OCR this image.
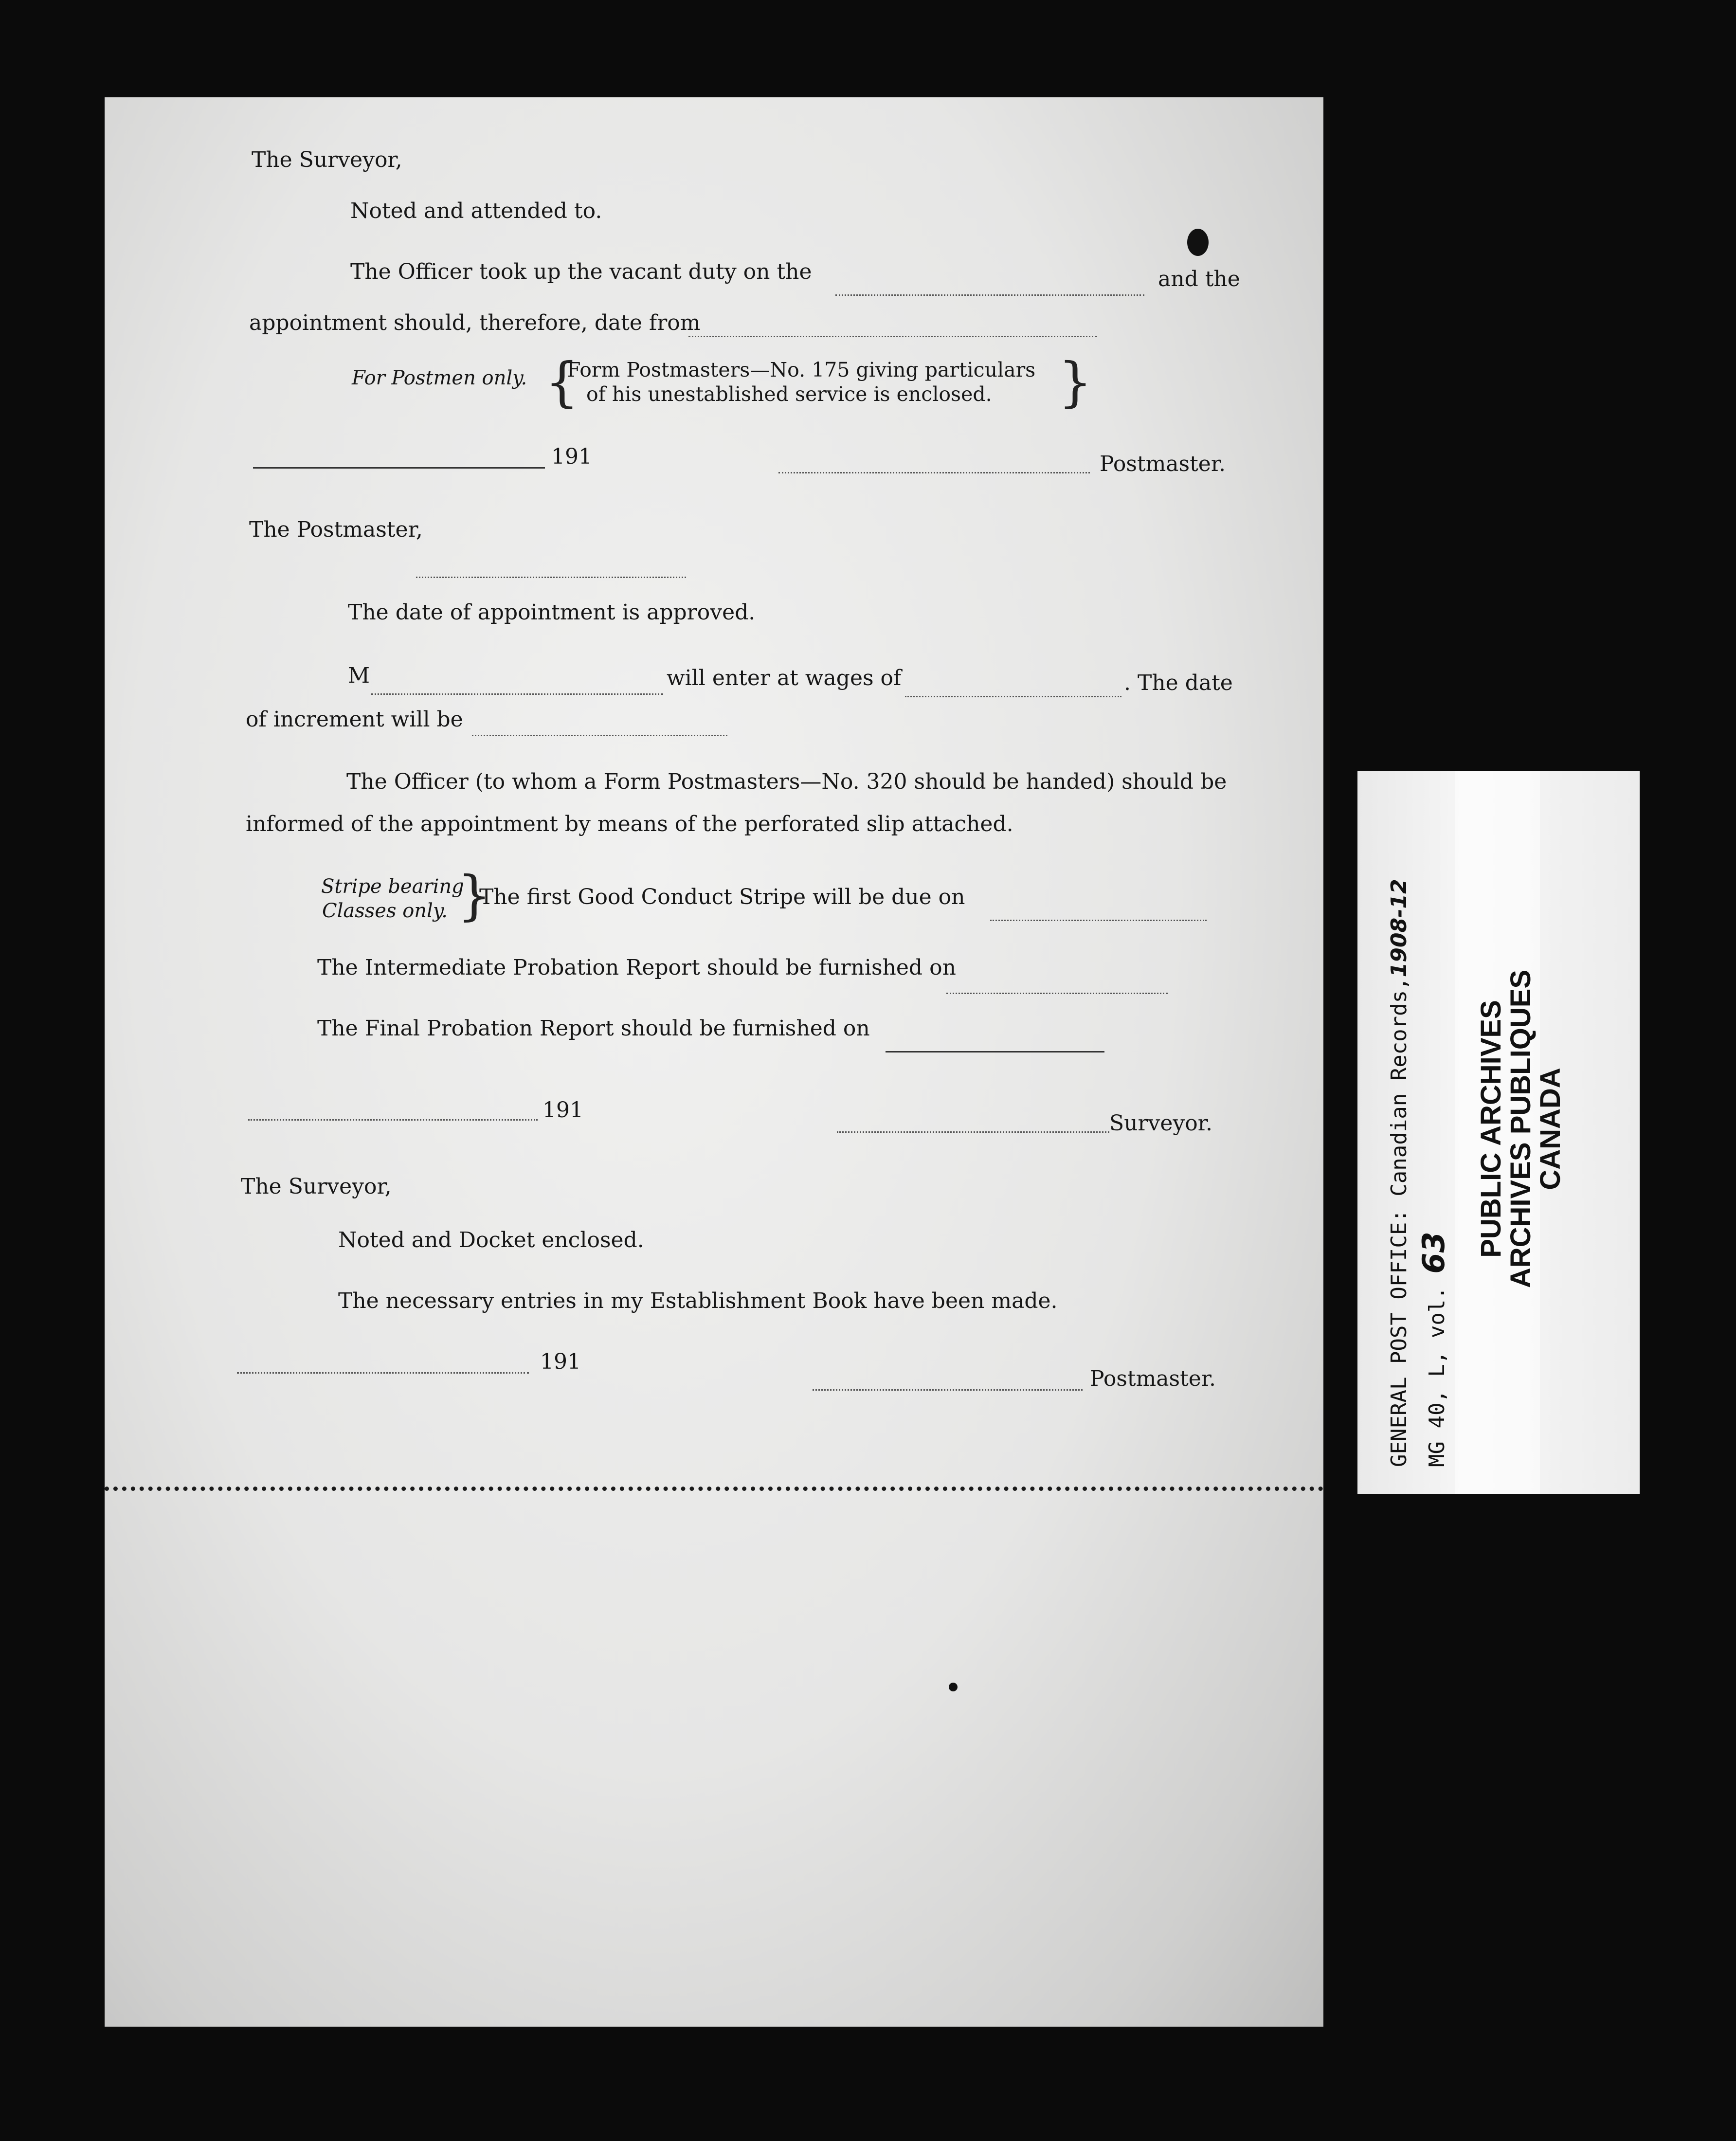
The Surveyor,
Noted and attended to.
The Officer took up the vacant duty on the	and the
appointment should, therefore, date from
For Postmen only. {
Form Postmasters—No. 175 giving particulars
of his unestablished service is enclosed. }
191	Postmaster.
The Postmaster,
The date of appointment is approved.
M	will enter at wages of	. The date
of increment will be
The Officer (to whom a Form Postmasters—No. 320 should be handed) should be
informed of the appointment by means of the perforated slip attached.
Stripe bearing
Classes only. }
The first Good Conduct Stripe will be due on
The Intermediate Probation Report should be furnished on
The Final Probation Report should be furnished on
191
Surveyor.
The Surveyor,
Noted and Docket enclosed.
The necessary entries in my Establishment Book have been made.
191
Postmaster.	GENERAL POST OFFICE: Canadian Records,1908-12
MG 40, L, vol. 63 PUBLIC ARCHIVES
ARCHIVES PUBLIQUES
CANADA
